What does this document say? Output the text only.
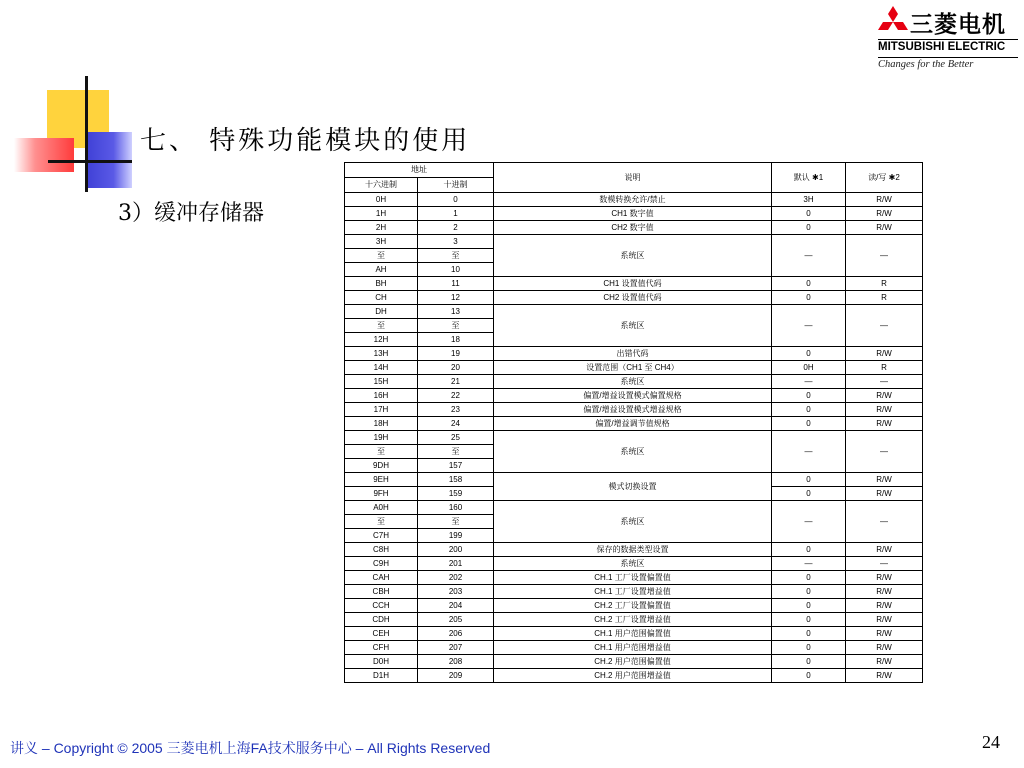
三菱电机
MITSUBISHI ELECTRIC
Changes for the Better
七、 特殊功能模块的使用
3）缓冲存储器
地址		说明	默认 ✱1	读/写 ✱2
十六进制	十进制			
0H	0	数模转换允许/禁止	3H	R/W
1H	1	CH1 数字值	0	R/W
2H	2	CH2 数字值	0	R/W
3H	3	系统区	—	—
至	至			
AH	10			
BH	11	CH1 设置值代码	0	R
CH	12	CH2 设置值代码	0	R
DH	13	系统区	—	—
至	至			
12H	18			
13H	19	出错代码	0	R/W
14H	20	设置范围（CH1 至 CH4）	0H	R
15H	21	系统区	—	—
16H	22	偏置/增益设置模式偏置规格	0	R/W
17H	23	偏置/增益设置模式增益规格	0	R/W
18H	24	偏置/增益调节值规格	0	R/W
19H	25	系统区	—	—
至	至			
9DH	157			
9EH	158	模式切换设置	0	R/W
9FH	159		0	R/W
A0H	160	系统区	—	—
至	至			
C7H	199			
C8H	200	保存的数据类型设置	0	R/W
C9H	201	系统区	—	—
CAH	202	CH.1 工厂设置偏置值	0	R/W
CBH	203	CH.1 工厂设置增益值	0	R/W
CCH	204	CH.2 工厂设置偏置值	0	R/W
CDH	205	CH.2 工厂设置增益值	0	R/W
CEH	206	CH.1 用户范围偏置值	0	R/W
CFH	207	CH.1 用户范围增益值	0	R/W
D0H	208	CH.2 用户范围偏置值	0	R/W
D1H	209	CH.2 用户范围增益值	0	R/W
讲义 – Copyright © 2005 三菱电机上海FA技术服务中心 – All Rights Reserved	24
